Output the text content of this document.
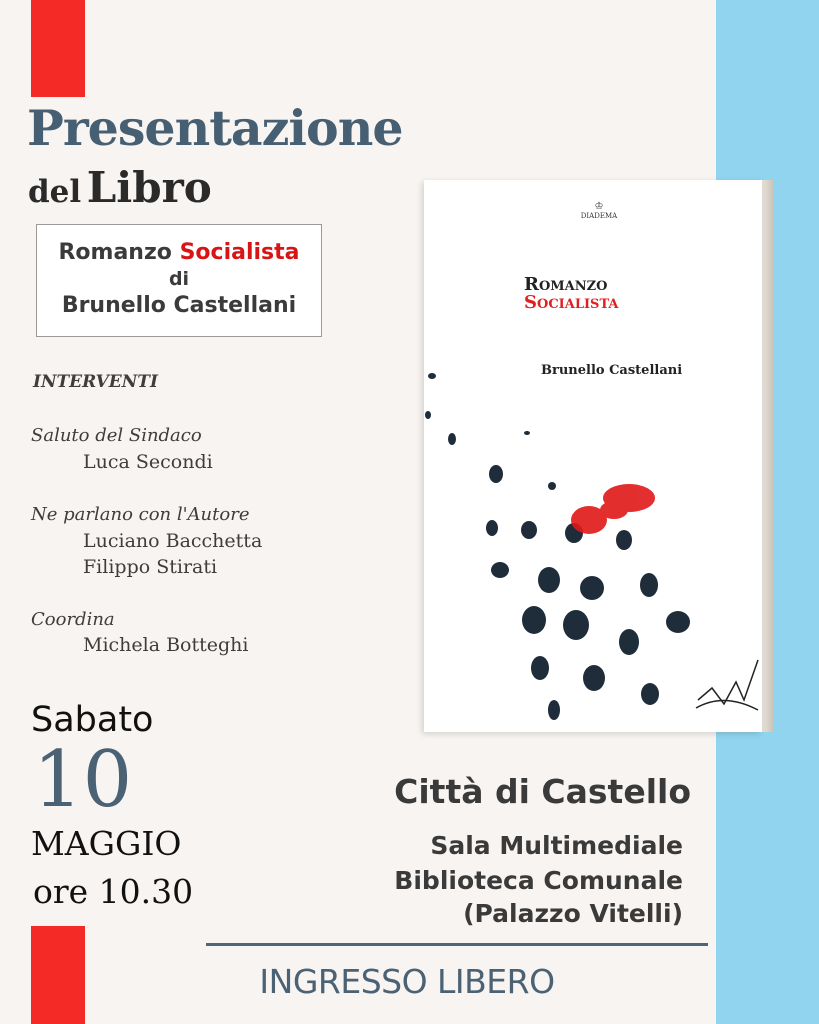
Presentazione
del Libro
Romanzo Socialista
di
Brunello Castellani
INTERVENTI
Saluto del Sindaco
Luca Secondi
Ne parlano con l'Autore
Luciano Bacchetta
Filippo Stirati
Coordina
Michela Botteghi
Sabato
10
MAGGIO
ore 10.30
Città di Castello
Sala Multimediale
Biblioteca Comunale
(Palazzo Vitelli)
INGRESSO LIBERO
♔
DIADEMA
Romanzo
Socialista
Brunello Castellani
